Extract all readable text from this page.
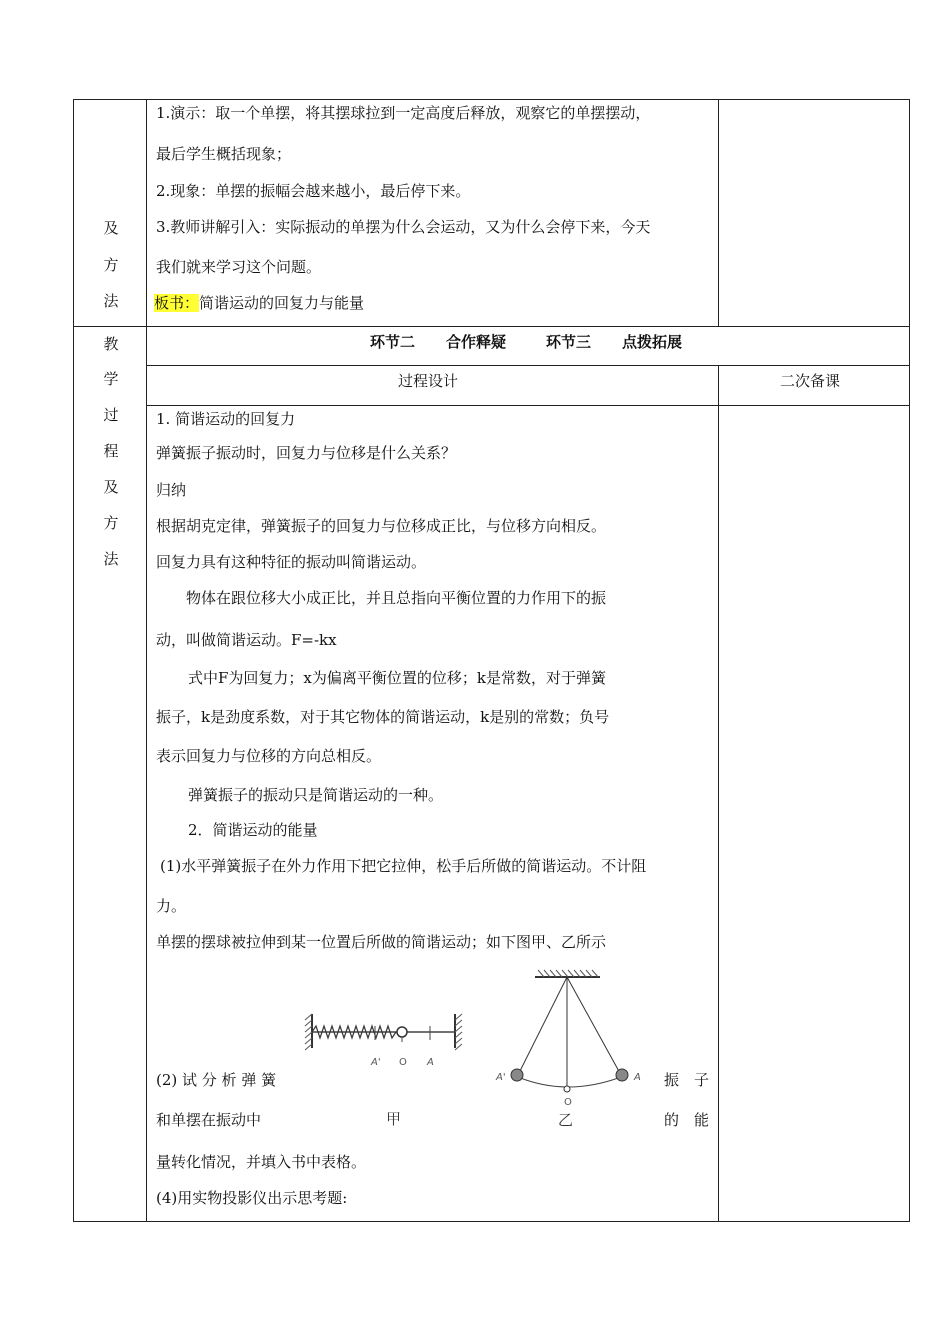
及
方
法
1.演示：取一个单摆，将其摆球拉到一定高度后释放，观察它的单摆摆动，
最后学生概括现象；
2.现象：单摆的振幅会越来越小，最后停下来。
3.教师讲解引入：实际振动的单摆为什么会运动，又为什么会停下来，今天
我们就来学习这个问题。
板书：简谐运动的回复力与能量
教
学
过
程
及
方
法
环节二 合作释疑	环节三 点拨拓展
过程设计	二次备课
1. 简谐运动的回复力
弹簧振子振动时，回复力与位移是什么关系？
归纳
根据胡克定律，弹簧振子的回复力与位移成正比，与位移方向相反。
回复力具有这种特征的振动叫简谐运动。
物体在跟位移大小成正比，并且总指向平衡位置的力作用下的振
动，叫做简谐运动。F=-kx
式中F为回复力；x为偏离平衡位置的位移；k是常数，对于弹簧
振子，k是劲度系数，对于其它物体的简谐运动，k是别的常数；负号
表示回复力与位移的方向总相反。
弹簧振子的振动只是简谐运动的一种。
2．简谐运动的能量
(1)水平弹簧振子在外力作用下把它拉伸，松手后所做的简谐运动。不计阻
力。
单摆的摆球被拉伸到某一位置后所做的简谐运动；如下图甲、乙所示
(2) 试 分 析 弹 簧	振　子
和单摆在振动中	的　能
量转化情况，并填入书中表格。
(4)用实物投影仪出示思考题:
A' O A
甲
A'
O
A
乙
